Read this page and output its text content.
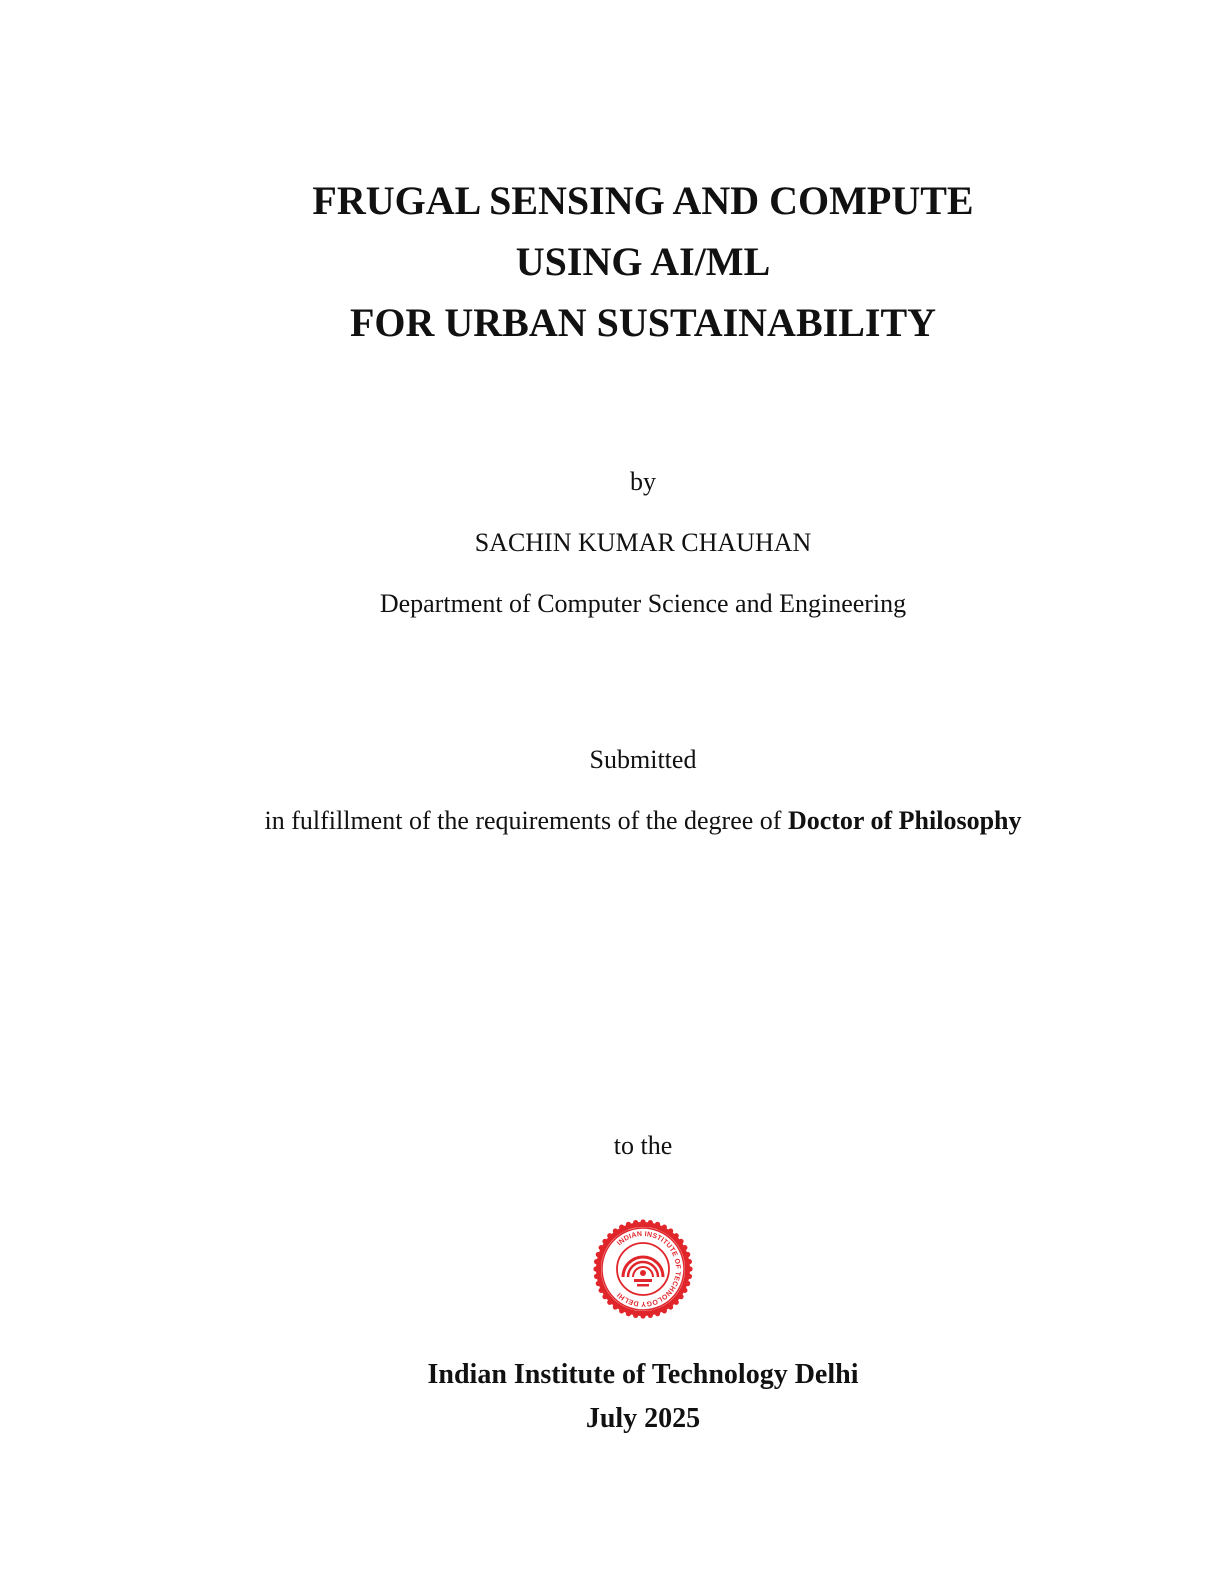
FRUGAL SENSING AND COMPUTE
USING AI/ML
FOR URBAN SUSTAINABILITY
by
SACHIN KUMAR CHAUHAN
Department of Computer Science and Engineering
Submitted
in fulfillment of the requirements of the degree of Doctor of Philosophy
to the
INDIAN INSTITUTE OF TECHNOLOGY DELHI
Indian Institute of Technology Delhi
July 2025
